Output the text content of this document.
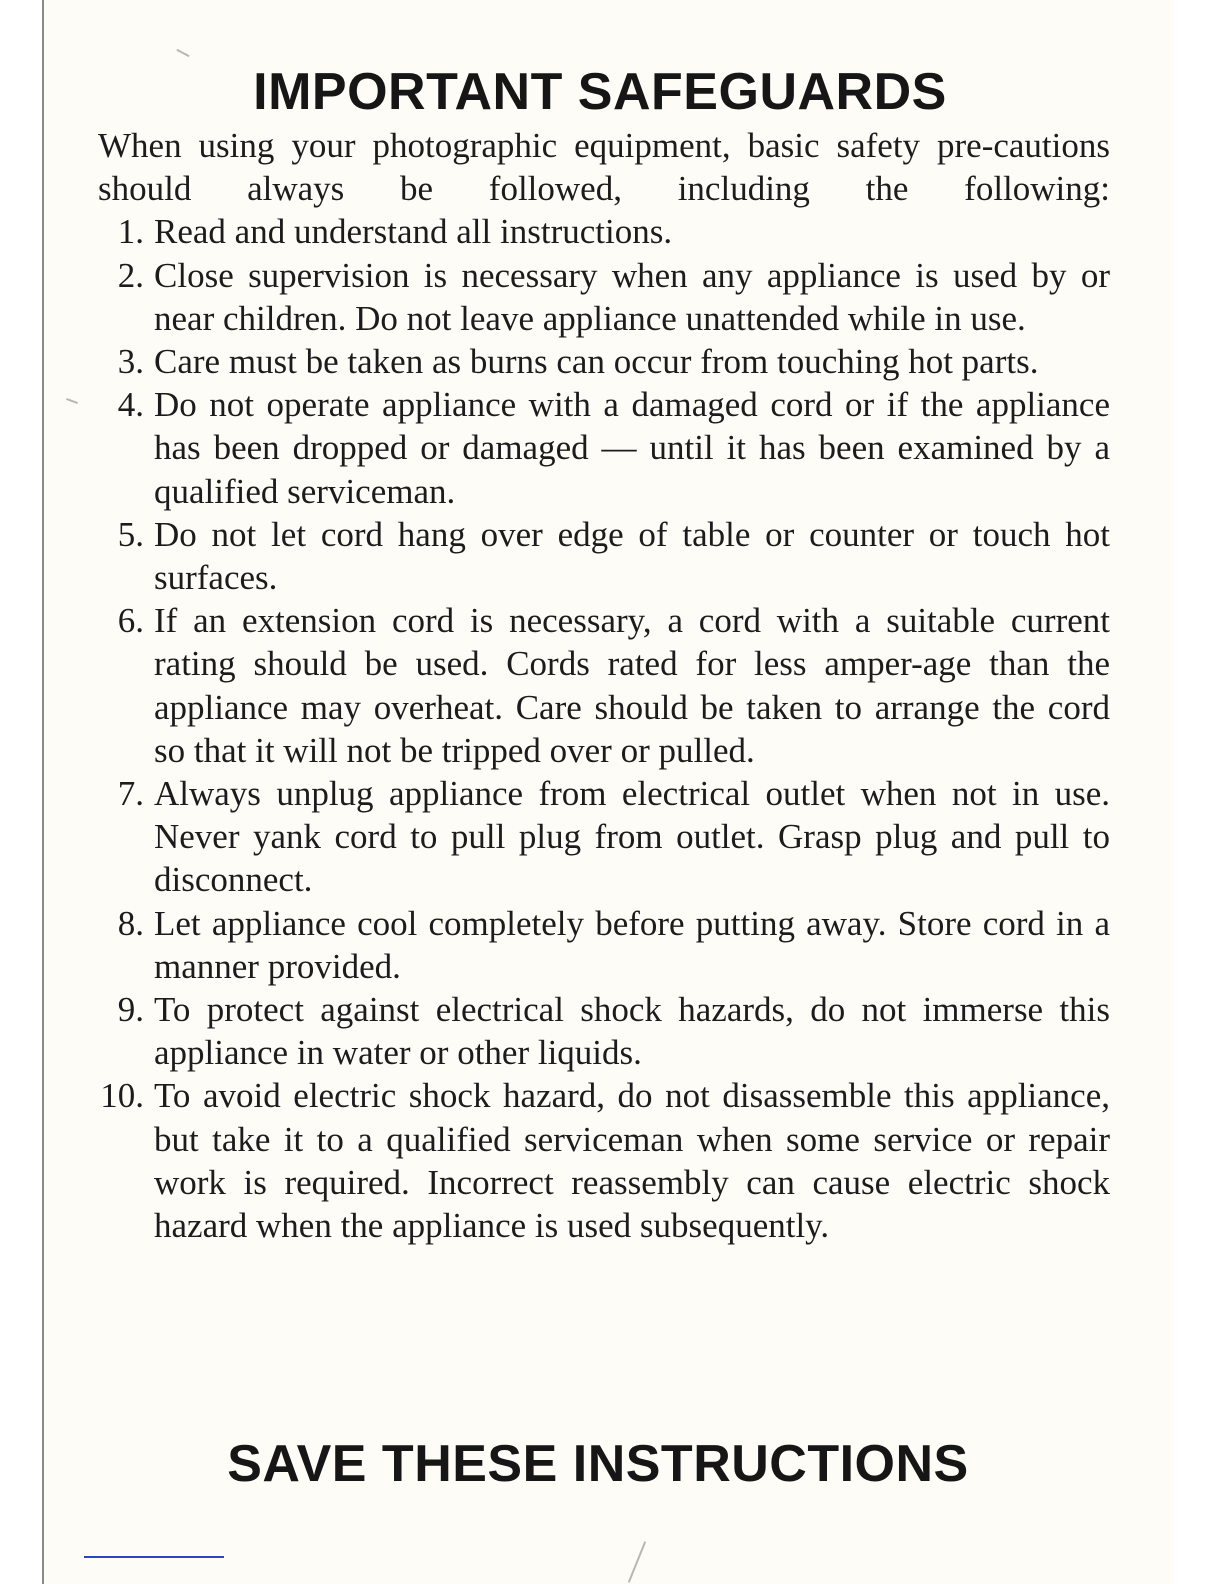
IMPORTANT SAFEGUARDS

When using your photographic equipment, basic safety pre-cautions should always be followed, including the following:

1. Read and understand all instructions.
2. Close supervision is necessary when any appliance is used by or near children. Do not leave appliance unattended while in use.
3. Care must be taken as burns can occur from touching hot parts.
4. Do not operate appliance with a damaged cord or if the appliance has been dropped or damaged — until it has been examined by a qualified serviceman.
5. Do not let cord hang over edge of table or counter or touch hot surfaces.
6. If an extension cord is necessary, a cord with a suitable current rating should be used. Cords rated for less amper-age than the appliance may overheat. Care should be taken to arrange the cord so that it will not be tripped over or pulled.
7. Always unplug appliance from electrical outlet when not in use. Never yank cord to pull plug from outlet. Grasp plug and pull to disconnect.
8. Let appliance cool completely before putting away. Store cord in a manner provided.
9. To protect against electrical shock hazards, do not immerse this appliance in water or other liquids.
10. To avoid electric shock hazard, do not disassemble this appliance, but take it to a qualified serviceman when some service or repair work is required. Incorrect reassembly can cause electric shock hazard when the appliance is used subsequently.
SAVE THESE INSTRUCTIONS
